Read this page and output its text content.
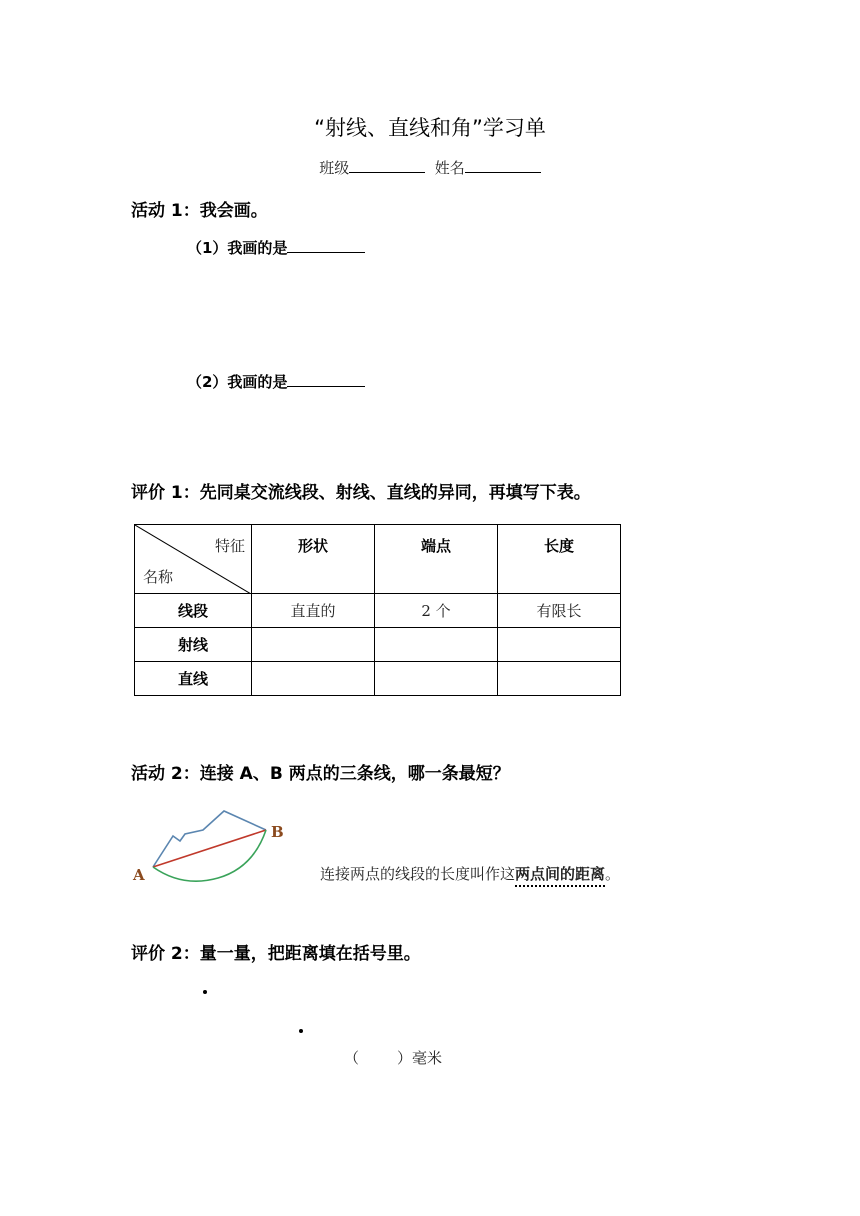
“射线、直线和角”学习单
班级	姓名
活动 1：我会画。
（1）我画的是
（2）我画的是
评价 1：先同桌交流线段、射线、直线的异同，再填写下表。
特征
名称	形状	端点	长度
线段	直直的	2 个	有限长
射线			
直线			
活动 2：连接 A、B 两点的三条线，哪一条最短？
A
B
连接两点的线段的长度叫作这两点间的距离。
评价 2：量一量，把距离填在括号里。
（	）毫米
